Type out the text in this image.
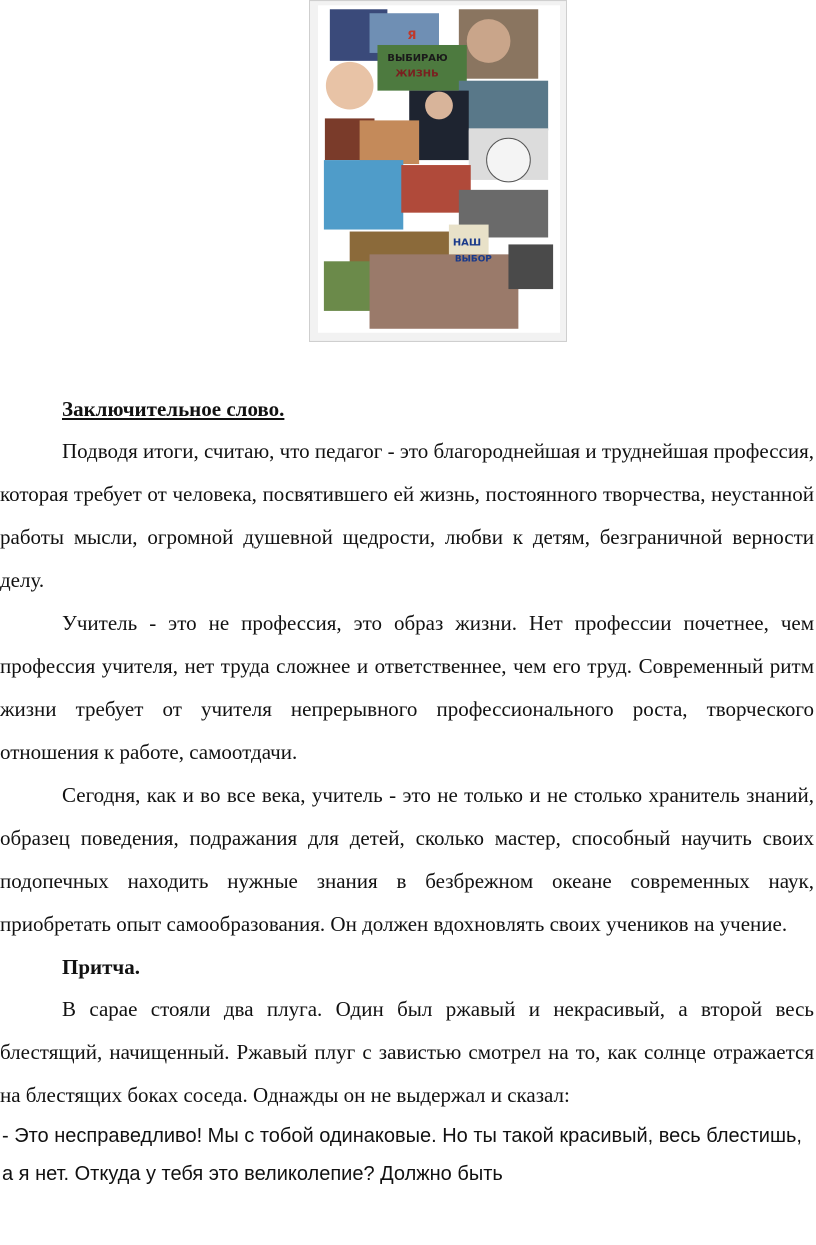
Я
ВЫБИРАЮ
ЖИЗНЬ
НАШ
ВЫБОР
Заключительное слово.

Подводя итоги, считаю, что педагог - это благороднейшая и труднейшая профессия, которая требует от человека, посвятившего ей жизнь, постоянного творчества, неустанной работы мысли, огромной душевной щедрости, любви к детям, безграничной верности делу.

Учитель - это не профессия, это образ жизни. Нет профессии почетнее, чем профессия учителя, нет труда сложнее и ответственнее, чем его труд. Современный ритм жизни требует от учителя непрерывного профессионального роста, творческого отношения к работе, самоотдачи.

Сегодня, как и во все века, учитель - это не только и не столько хранитель знаний, образец поведения, подражания для детей, сколько мастер, способный научить своих подопечных находить нужные знания в безбрежном океане современных наук, приобретать опыт самообразования. Он должен вдохновлять своих учеников на учение.

Притча.

В сарае стояли два плуга. Один был ржавый и некрасивый, а второй весь блестящий, начищенный. Ржавый плуг с завистью смотрел на то, как солнце отражается на блестящих боках соседа. Однажды он не выдержал и сказал:

- Это несправедливо! Мы с тобой одинаковые. Но ты такой красивый, весь блестишь, а я нет. Откуда у тебя это великолепие? Должно быть
